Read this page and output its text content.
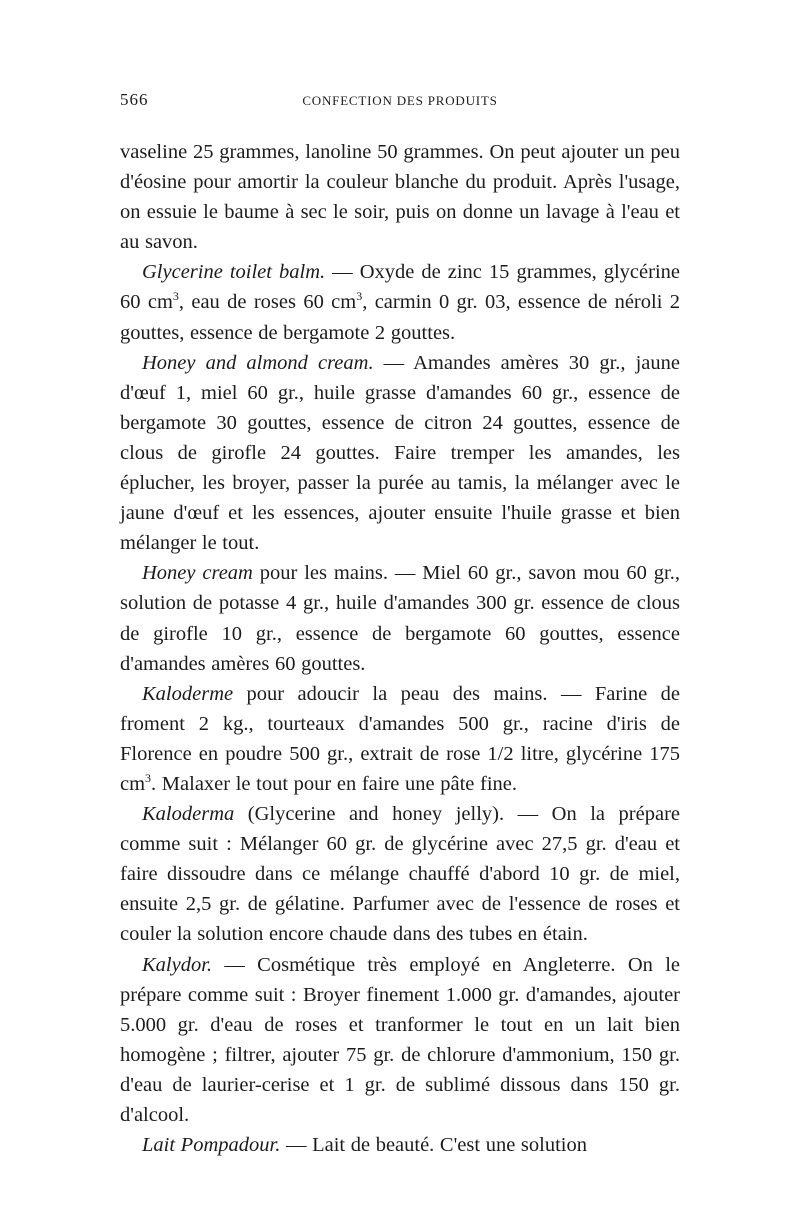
566	CONFECTION DES PRODUITS

vaseline 25 grammes, lanoline 50 grammes. On peut ajouter un peu d'éosine pour amortir la couleur blanche du produit. Après l'usage, on essuie le baume à sec le soir, puis on donne un lavage à l'eau et au savon.

Glycerine toilet balm. — Oxyde de zinc 15 grammes, glycérine 60 $cm^3$, eau de roses 60 $cm^3$, carmin 0 gr. 03, essence de néroli 2 gouttes, essence de bergamote 2 gouttes.

Honey and almond cream. — Amandes amères 30 gr., jaune d'œuf 1, miel 60 gr., huile grasse d'amandes 60 gr., essence de bergamote 30 gouttes, essence de citron 24 gouttes, essence de clous de girofle 24 gouttes. Faire tremper les amandes, les éplucher, les broyer, passer la purée au tamis, la mélanger avec le jaune d'œuf et les essences, ajouter ensuite l'huile grasse et bien mélanger le tout.

Honey cream pour les mains. — Miel 60 gr., savon mou 60 gr., solution de potasse 4 gr., huile d'amandes 300 gr. essence de clous de girofle 10 gr., essence de bergamote 60 gouttes, essence d'amandes amères 60 gouttes.

Kaloderme pour adoucir la peau des mains. — Farine de froment 2 kg., tourteaux d'amandes 500 gr., racine d'iris de Florence en poudre 500 gr., extrait de rose 1/2 litre, glycérine 175 $cm^3$. Malaxer le tout pour en faire une pâte fine.

Kaloderma (Glycerine and honey jelly). — On la prépare comme suit : Mélanger 60 gr. de glycérine avec 27,5 gr. d'eau et faire dissoudre dans ce mélange chauffé d'abord 10 gr. de miel, ensuite 2,5 gr. de gélatine. Parfumer avec de l'essence de roses et couler la solution encore chaude dans des tubes en étain.

Kalydor. — Cosmétique très employé en Angleterre. On le prépare comme suit : Broyer finement 1.000 gr. d'amandes, ajouter 5.000 gr. d'eau de roses et tranformer le tout en un lait bien homogène ; filtrer, ajouter 75 gr. de chlorure d'ammonium, 150 gr. d'eau de laurier-cerise et 1 gr. de sublimé dissous dans 150 gr. d'alcool.

Lait Pompadour. — Lait de beauté. C'est une solution
